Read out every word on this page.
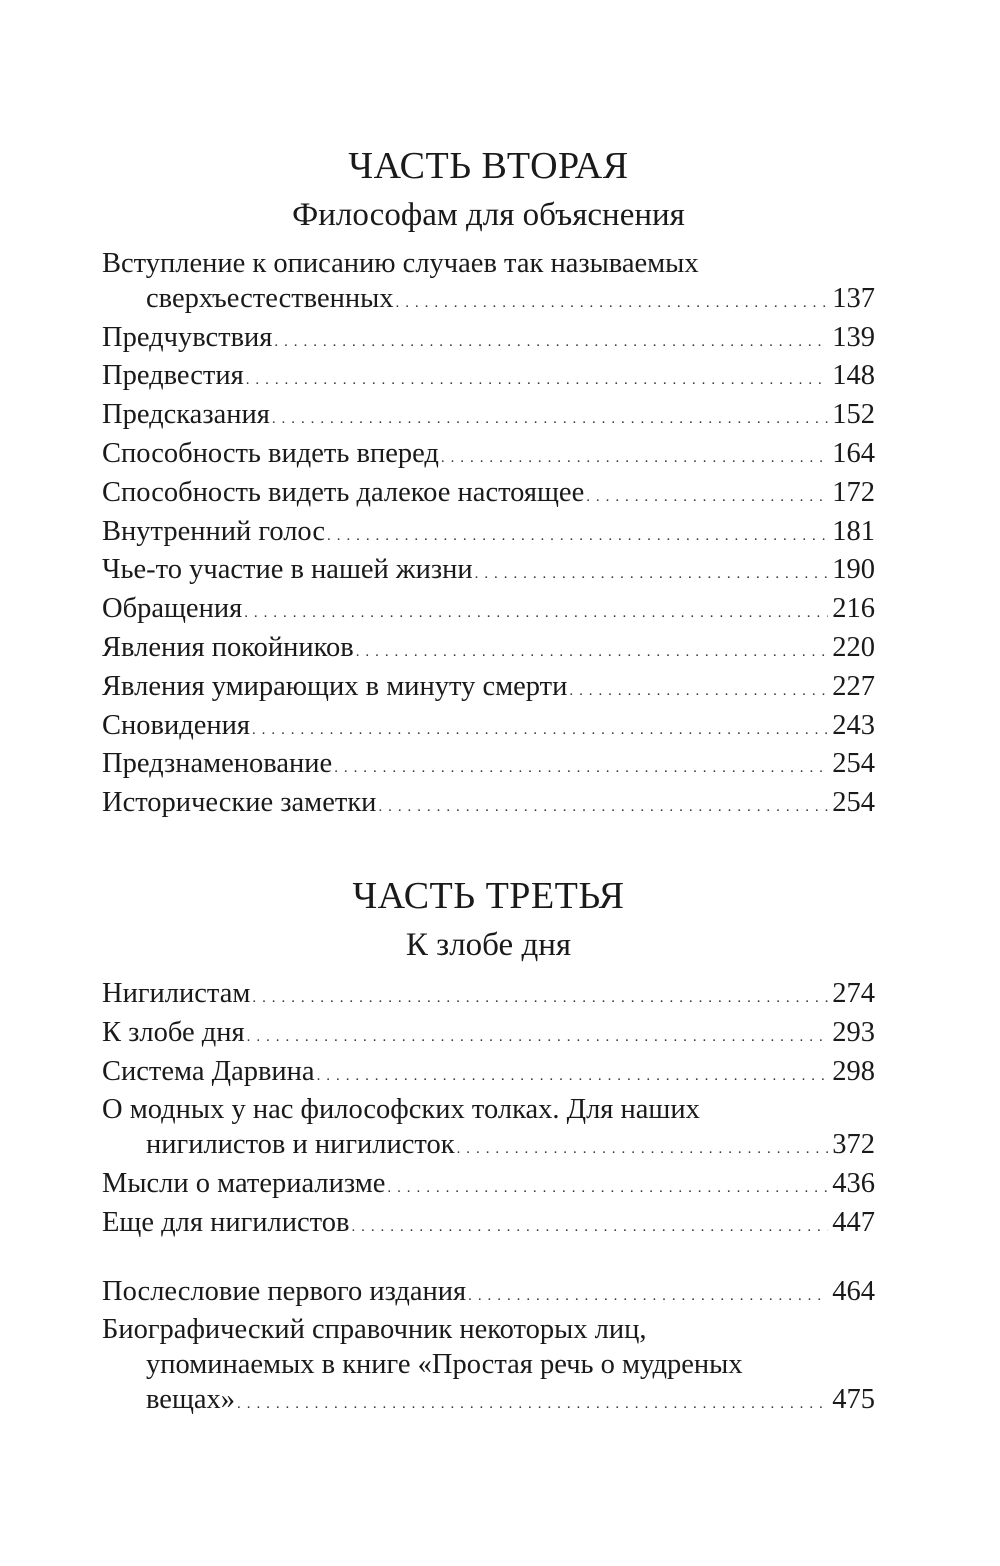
ЧАСТЬ ВТОРАЯ
Философам для объяснения
Вступление к описанию случаев так называемых
сверхъестественных . . .	137
Предчувствия . . .	139
Предвестия . . .	148
Предсказания . . .	152
Способность видеть вперед . . .	164
Способность видеть далекое настоящее . . .	172
Внутренний голос . . .	181
Чье-то участие в нашей жизни . . .	190
Обращения . . .	216
Явления покойников . . .	220
Явления умирающих в минуту смерти . . .	227
Сновидения . . .	243
Предзнаменование . . .	254
Исторические заметки . . .	254
ЧАСТЬ ТРЕТЬЯ
К злобе дня
Нигилистам . . .	274
К злобе дня . . .	293
Система Дарвина . . .	298
О модных у нас философских толках. Для наших
нигилистов и нигилисток . . .	372
Мысли о материализме . . .	436
Еще для нигилистов . . .	447
Послесловие первого издания . . .	464
Биографический справочник некоторых лиц,
упоминаемых в книге «Простая речь о мудреных
вещах» . . .	475
